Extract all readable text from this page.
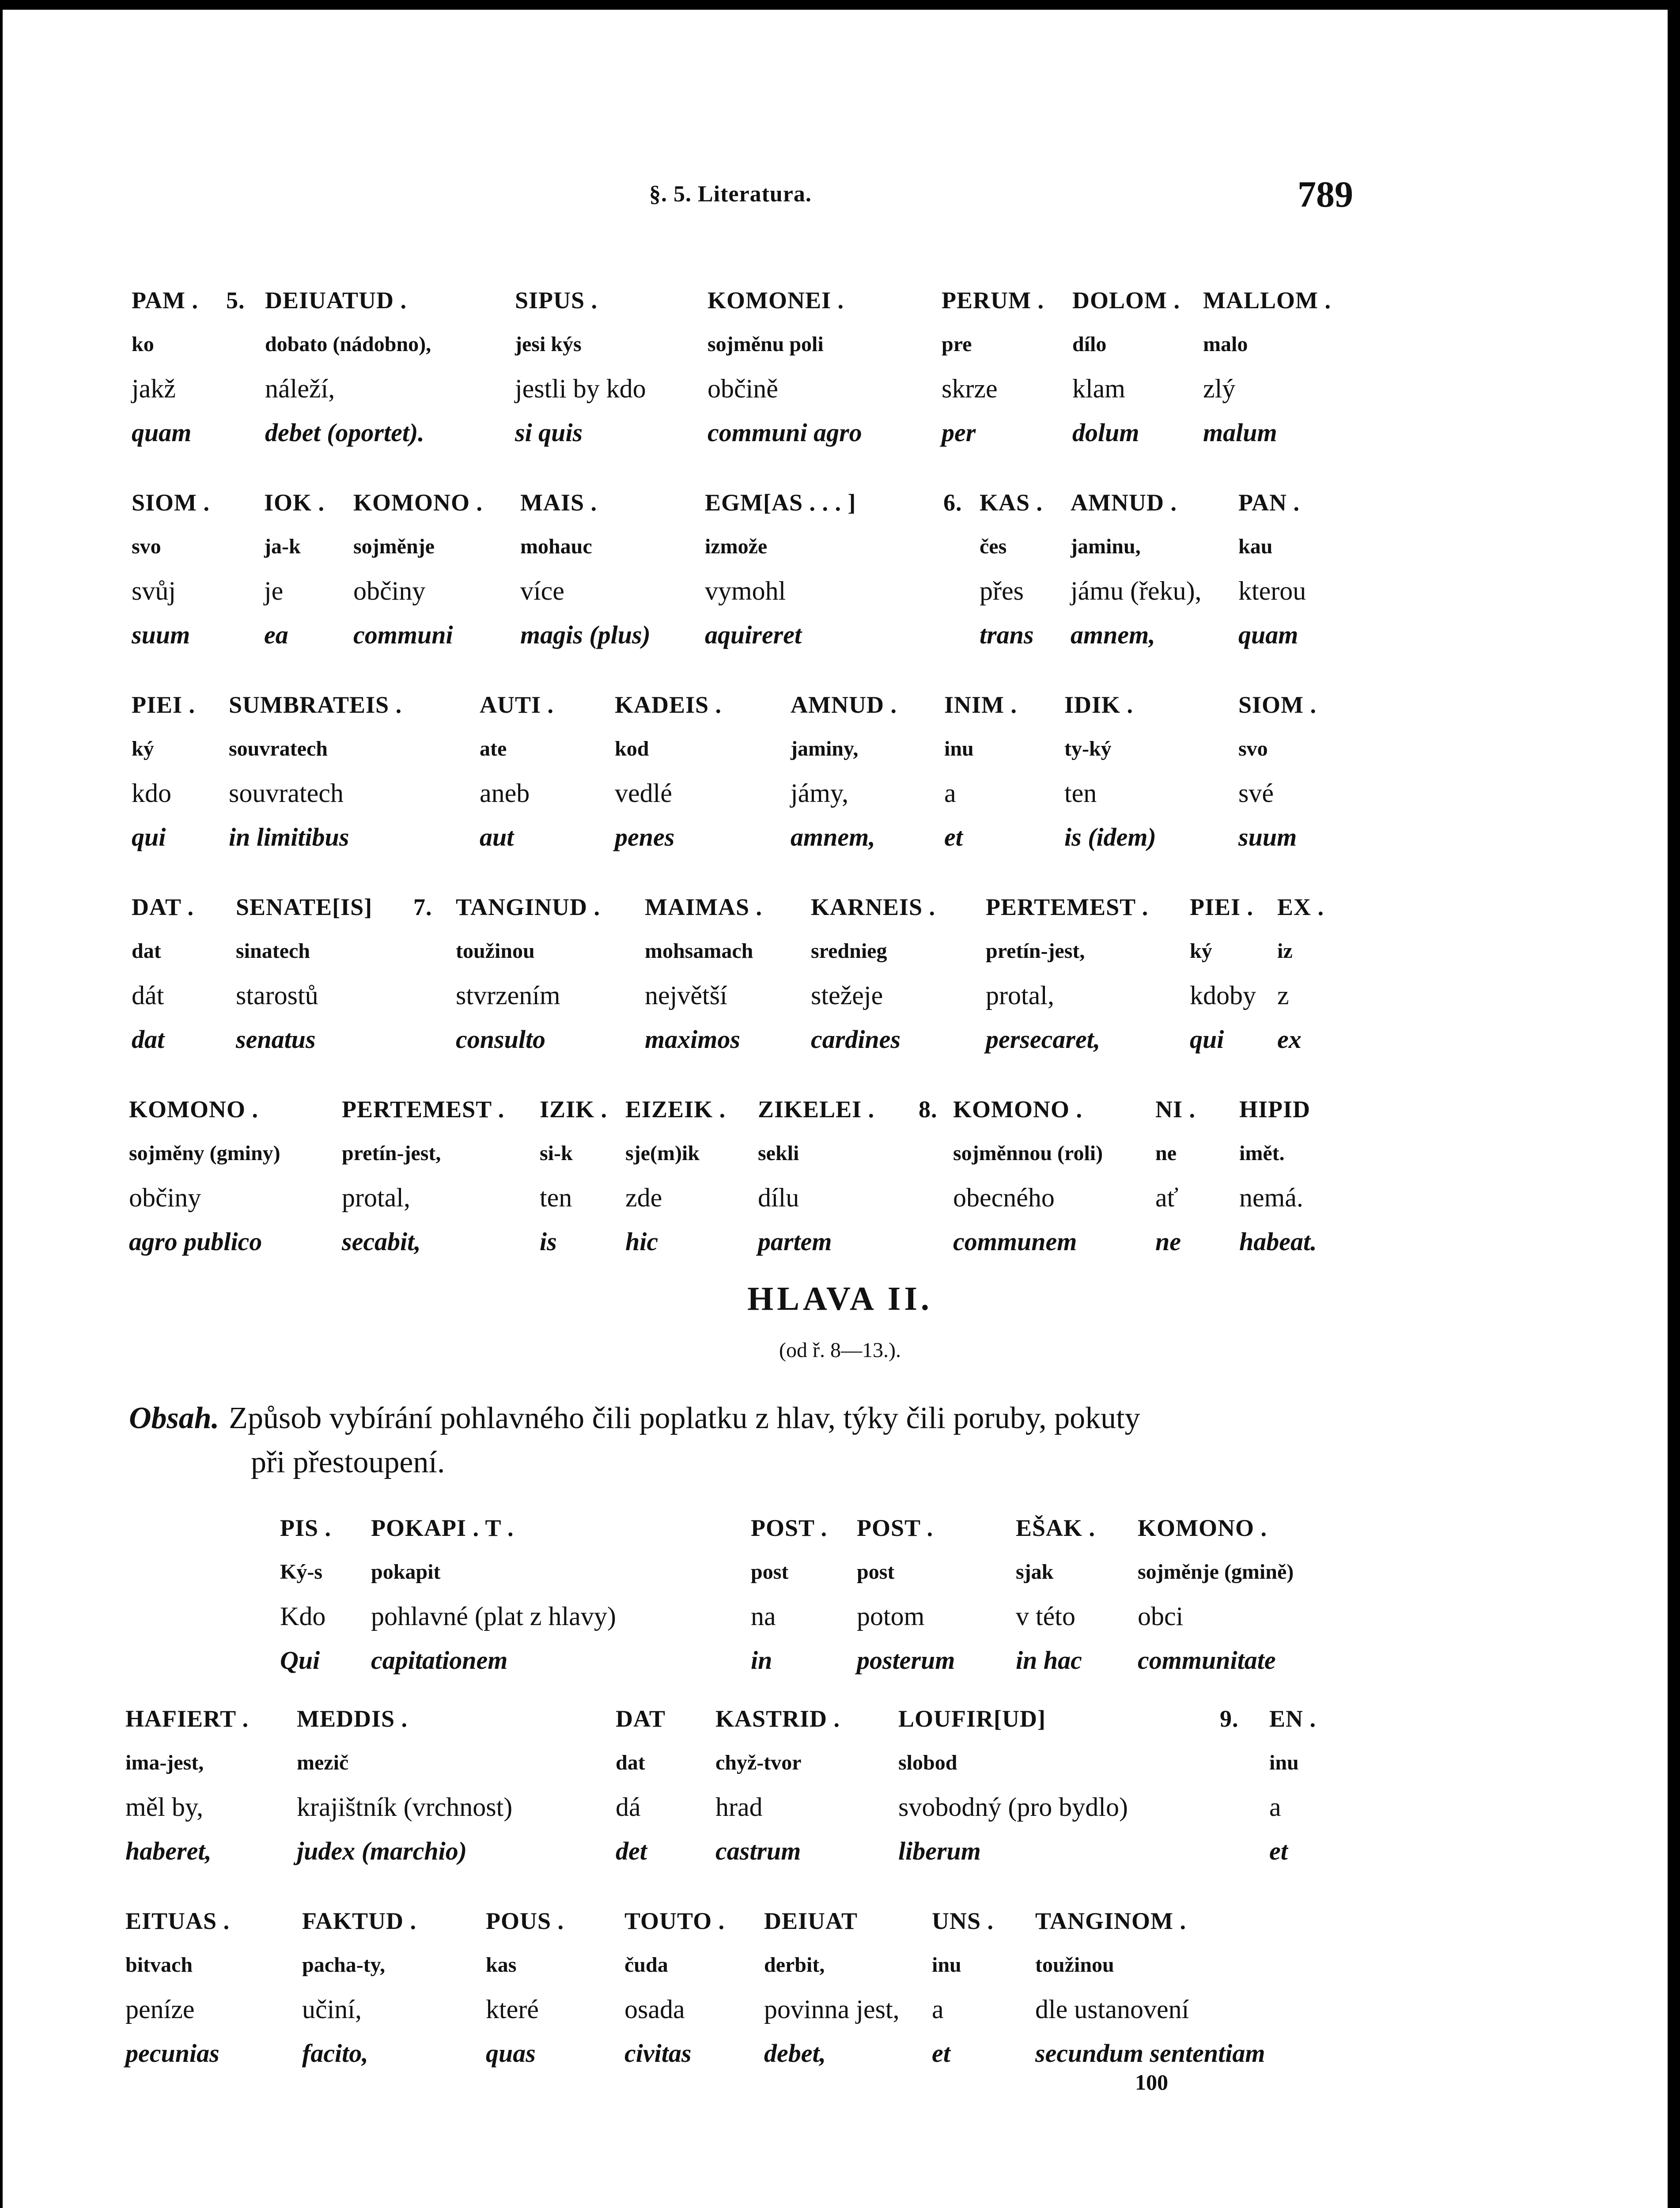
§. 5. Literatura.	789
PAM .
ko
jakž
quam
5. DEIUATUD .
dobato (nádobno),
náleží,
debet (oportet).
SIPUS .
jesi kýs
jestli by kdo
si quis
KOMONEI .
sojměnu poli
občině
communi agro
PERUM .
pre
skrze
per
DOLOM .
dílo
klam
dolum
MALLOM .
malo
zlý
malum
SIOM .
svo
svůj
suum
IOK .
ja-k
je
ea
KOMONO .
sojměnje
občiny
communi
MAIS .
mohauc
více
magis (plus)
EGM[AS . . . ]
izmože
vymohl
aquireret
6. KAS .
čes
přes
trans
AMNUD .
jaminu,
jámu (řeku),
amnem,
PAN .
kau
kterou
quam
PIEI .
ký
kdo
qui
SUMBRATEIS .
souvratech
souvratech
in limitibus
AUTI .
ate
aneb
aut
KADEIS .
kod
vedlé
penes
AMNUD .
jaminy,
jámy,
amnem,
INIM .
inu
a
et
IDIK .
ty-ký
ten
is (idem)
SIOM .
svo
své
suum
DAT .
dat
dát
dat
SENATE[IS]
sinatech
starostů
senatus
7. TANGINUD .
toužinou
stvrzením
consulto
MAIMAS .
mohsamach
největší
maximos
KARNEIS .
srednieg
stežeje
cardines
PERTEMEST .
pretín-jest,
protal,
persecaret,
PIEI .
ký
kdoby
qui
EX .
iz
z
ex
KOMONO .
sojměny (gminy)
občiny
agro publico
PERTEMEST .
pretín-jest,
protal,
secabit,
IZIK .
si-k
ten
is
EIZEIK .
sje(m)ik
zde
hic
ZIKELEI .
sekli
dílu
partem
8. KOMONO .
sojměnnou (roli)
obecného
communem
NI .
ne
ať
ne
HIPID
imět.
nemá.
habeat.
HLAVA II.
(od ř. 8—13.).
Obsah. Způsob vybírání pohlavného čili poplatku z hlav, týky čili poruby, pokuty
při přestoupení.
PIS .
Ký-s
Kdo
Qui
POKAPI . T .
pokapit
pohlavné (plat z hlavy)
capitationem
POST .
post
na
in
POST .
post
potom
posterum
EŠAK .
sjak
v této
in hac
KOMONO .
sojměnje (gmině)
obci
communitate
HAFIERT .
ima-jest,
měl by,
haberet,
MEDDIS .
mezič
krajištník (vrchnost)
judex (marchio)
DAT
dat
dá
det
KASTRID .
chyž-tvor
hrad
castrum
LOUFIR[UD]
slobod
svobodný (pro bydlo)
liberum
9. EN .
inu
a
et
EITUAS .
bitvach
peníze
pecunias
FAKTUD .
pacha-ty,
učiní,
facito,
POUS .
kas
které
quas
TOUTO .
čuda
osada
civitas
DEIUAT
derbit,
povinna jest,
debet,
UNS .
inu
a
et
TANGINOM .
toužinou
dle ustanovení
secundum sententiam
100
